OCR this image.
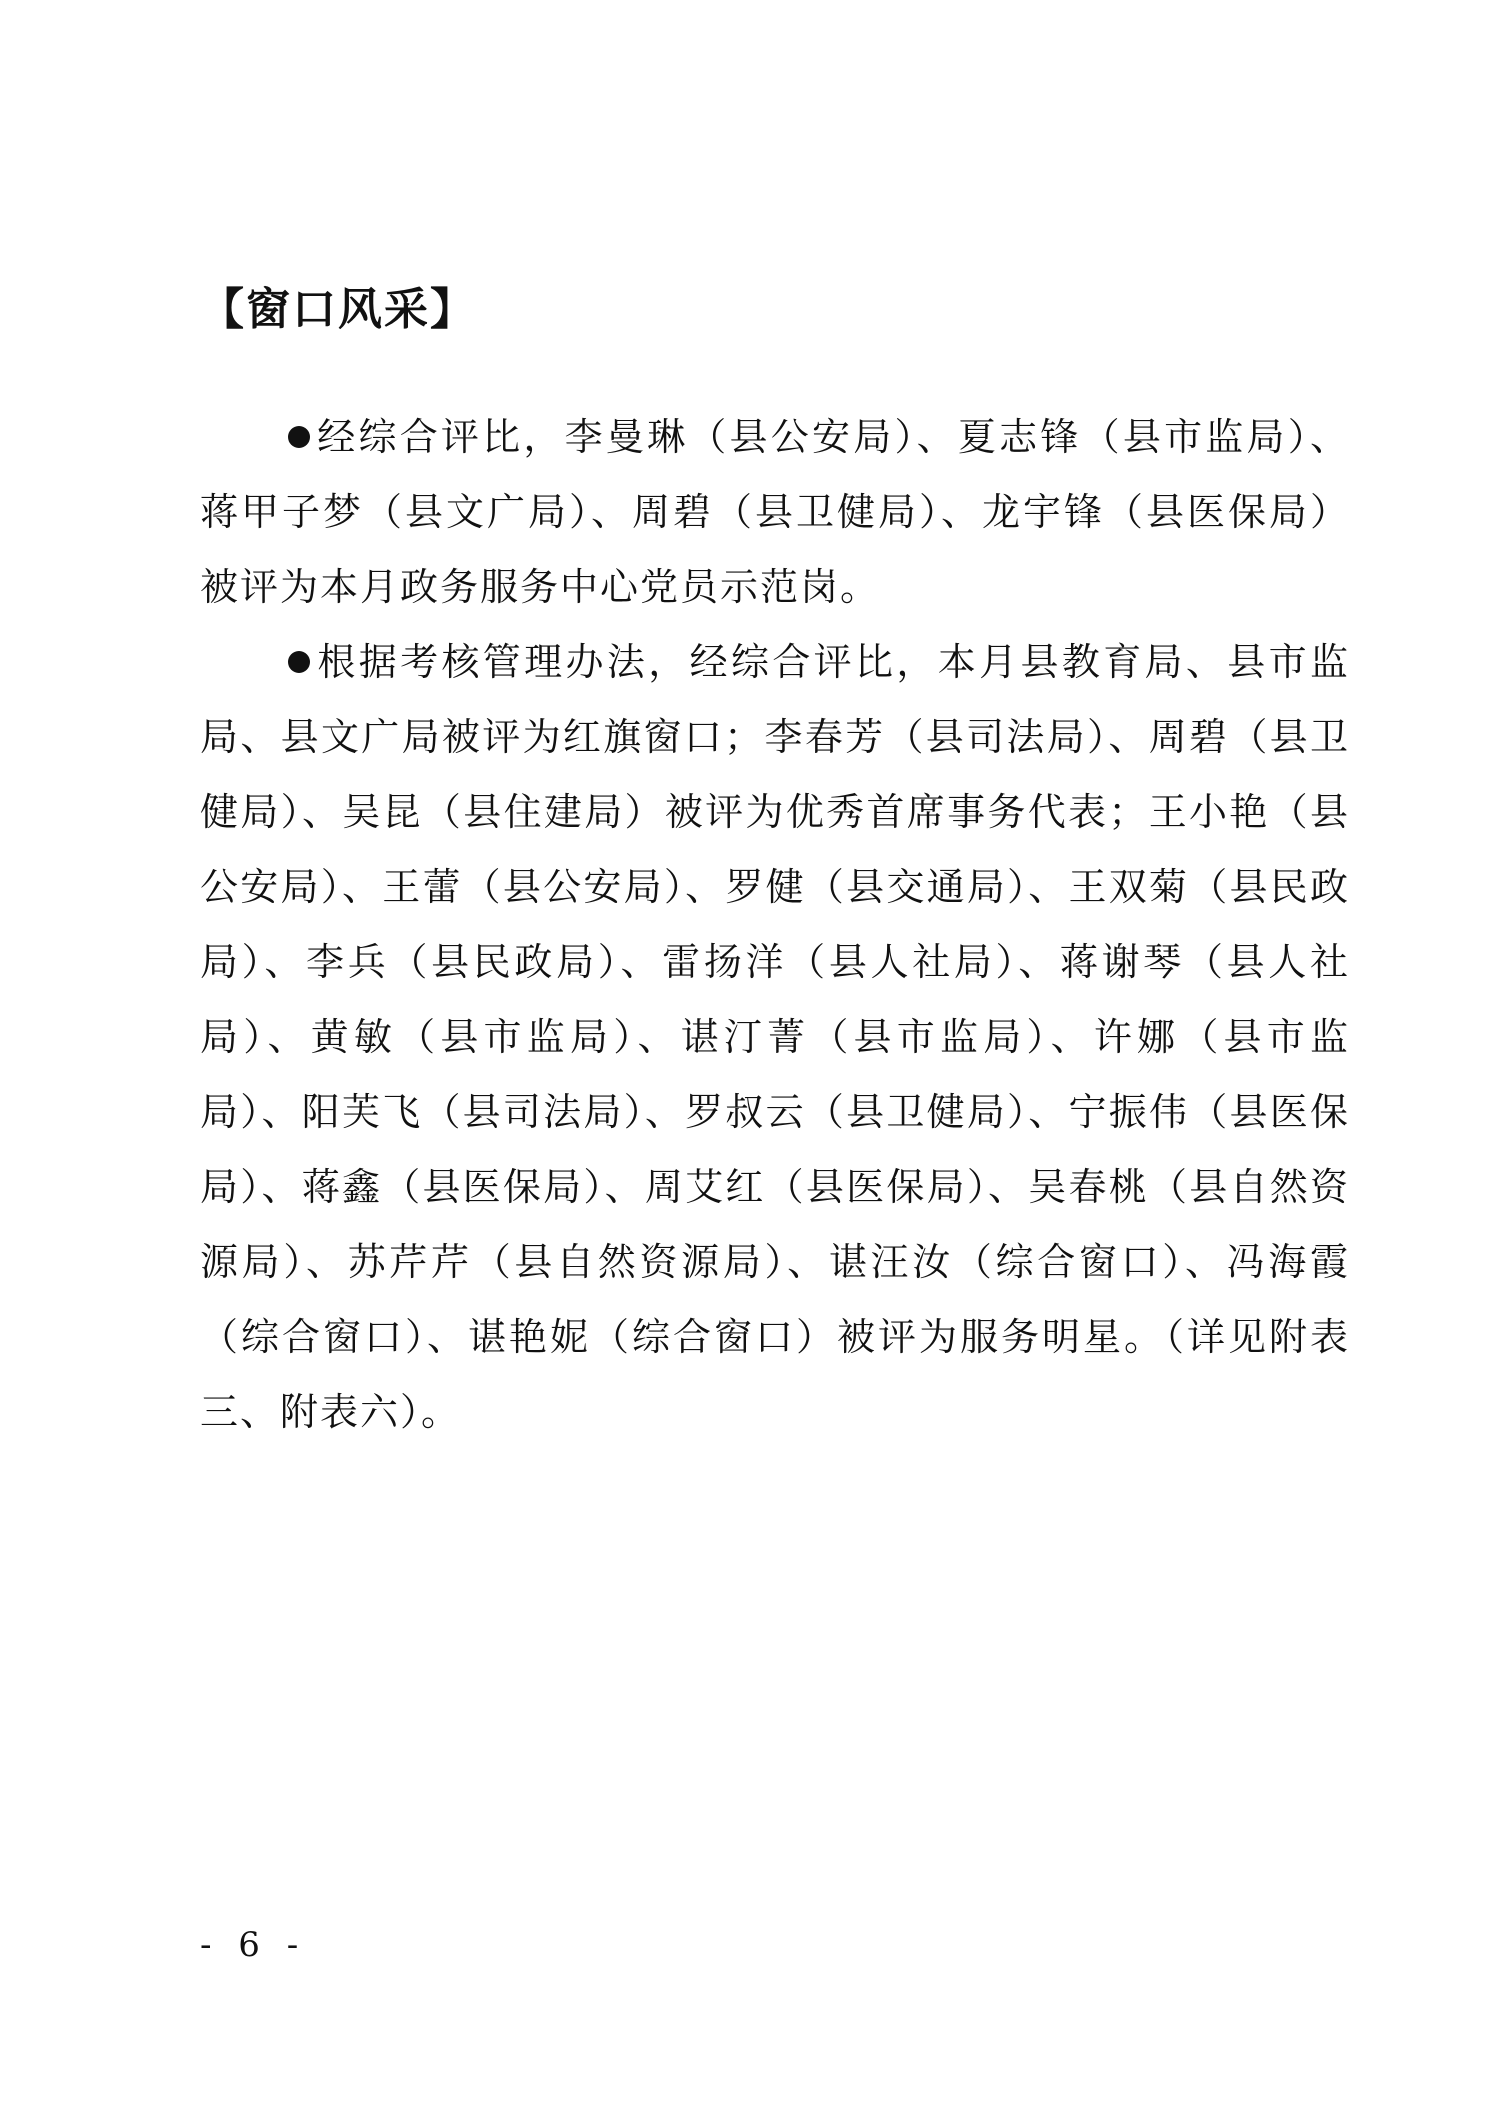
【窗口风采】

经综合评比，李曼琳（县公安局）、夏志锋（县市监局）、蒋甲子梦（县文广局）、周碧（县卫健局）、龙宇锋（县医保局）被评为本月政务服务中心党员示范岗。

根据考核管理办法，经综合评比，本月县教育局、县市监局、县文广局被评为红旗窗口；李春芳（县司法局）、周碧（县卫健局）、吴昆（县住建局）被评为优秀首席事务代表；王小艳（县公安局）、王蕾（县公安局）、罗健（县交通局）、王双菊（县民政局）、李兵（县民政局）、雷扬洋（县人社局）、蒋谢琴（县人社局）、黄敏（县市监局）、谌汀菁（县市监局）、许娜（县市监局）、阳芙飞（县司法局）、罗叔云（县卫健局）、宁振伟（县医保局）、蒋鑫（县医保局）、周艾红（县医保局）、吴春桃（县自然资源局）、苏芹芹（县自然资源局）、谌汪汝（综合窗口）、冯海霞（综合窗口）、谌艳妮（综合窗口）被评为服务明星。（详见附表三、附表六）。

- 6 -
